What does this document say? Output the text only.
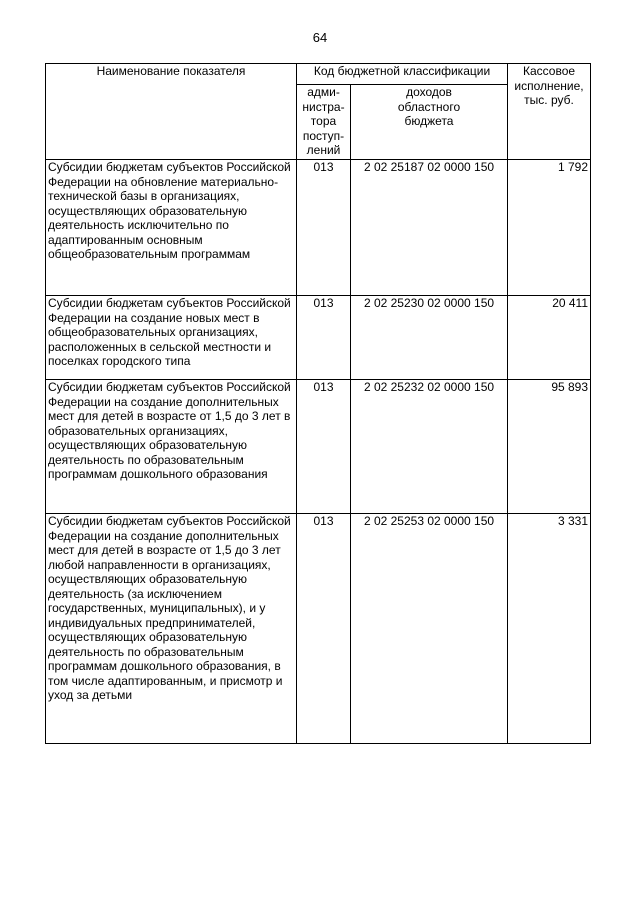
64
Наименование показателя	Код бюджетной классификации		Кассовое
исполнение,
тыс. руб.
	адми-
нистра-
тора
поступ-
лений	доходов
областного
бюджета	

Субсидии бюджетам субъектов Российской Федерации на обновление материально-технической базы в организациях, осуществляющих образовательную деятельность исключительно по адаптированным основным общеобразовательным программам	013	2 02 25187 02 0000 150	1 792

Субсидии бюджетам субъектов Российской Федерации на создание новых мест в общеобразовательных организациях, расположенных в сельской местности и поселках городского типа	013	2 02 25230 02 0000 150	20 411

Субсидии бюджетам субъектов Российской Федерации на создание дополнительных мест для детей в возрасте от 1,5 до 3 лет в образовательных организациях, осуществляющих образовательную деятельность по образовательным программам дошкольного образования	013	2 02 25232 02 0000 150	95 893

Субсидии бюджетам субъектов Российской Федерации на создание дополнительных мест для детей в возрасте от 1,5 до 3 лет любой направленности в организациях, осуществляющих образовательную деятельность (за исключением государственных, муниципальных), и у индивидуальных предпринимателей, осуществляющих образовательную деятельность по образовательным программам дошкольного образования, в том числе адаптированным, и присмотр и уход за детьми	013	2 02 25253 02 0000 150	3 331
